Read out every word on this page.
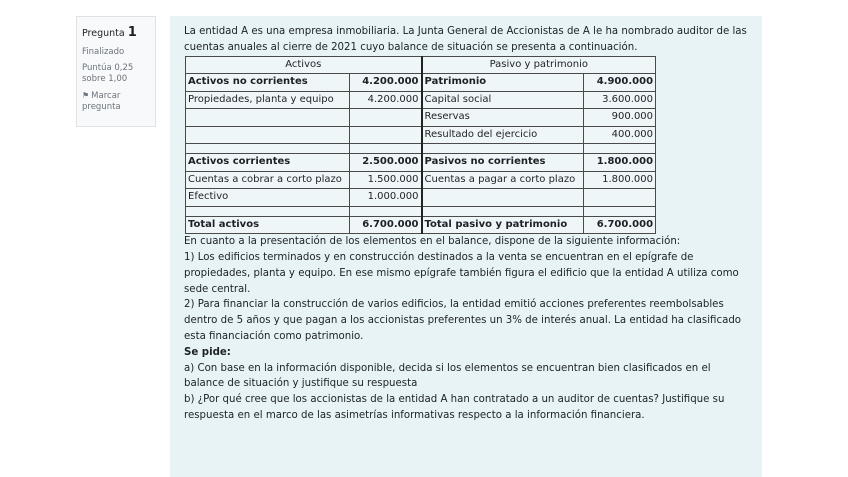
Pregunta 1
Finalizado
Puntúa 0,25 sobre 1,00
⚑ Marcar pregunta

La entidad A es una empresa inmobiliaria. La Junta General de Accionistas de A le ha nombrado auditor de las cuentas anuales al cierre de 2021 cuyo balance de situación se presenta a continuación.

Activos		Pasivo y patrimonio	
Activos no corrientes	4.200.000	Patrimonio	4.900.000
Propiedades, planta y equipo	4.200.000	Capital social	3.600.000
		Reservas	900.000
		Resultado del ejercicio	400.000

Activos corrientes	2.500.000	Pasivos no corrientes	1.800.000
Cuentas a cobrar a corto plazo	1.500.000	Cuentas a pagar a corto plazo	1.800.000
Efectivo	1.000.000		

Total activos	6.700.000	Total pasivo y patrimonio	6.700.000

En cuanto a la presentación de los elementos en el balance, dispone de la siguiente información:

1) Los edificios terminados y en construcción destinados a la venta se encuentran en el epígrafe de propiedades, planta y equipo. En ese mismo epígrafe también figura el edificio que la entidad A utiliza como sede central.

2) Para financiar la construcción de varios edificios, la entidad emitió acciones preferentes reembolsables dentro de 5 años y que pagan a los accionistas preferentes un 3% de interés anual. La entidad ha clasificado esta financiación como patrimonio.

Se pide:

a) Con base en la información disponible, decida si los elementos se encuentran bien clasificados en el balance de situación y justifique su respuesta

b) ¿Por qué cree que los accionistas de la entidad A han contratado a un auditor de cuentas? Justifique su respuesta en el marco de las asimetrías informativas respecto a la información financiera.
